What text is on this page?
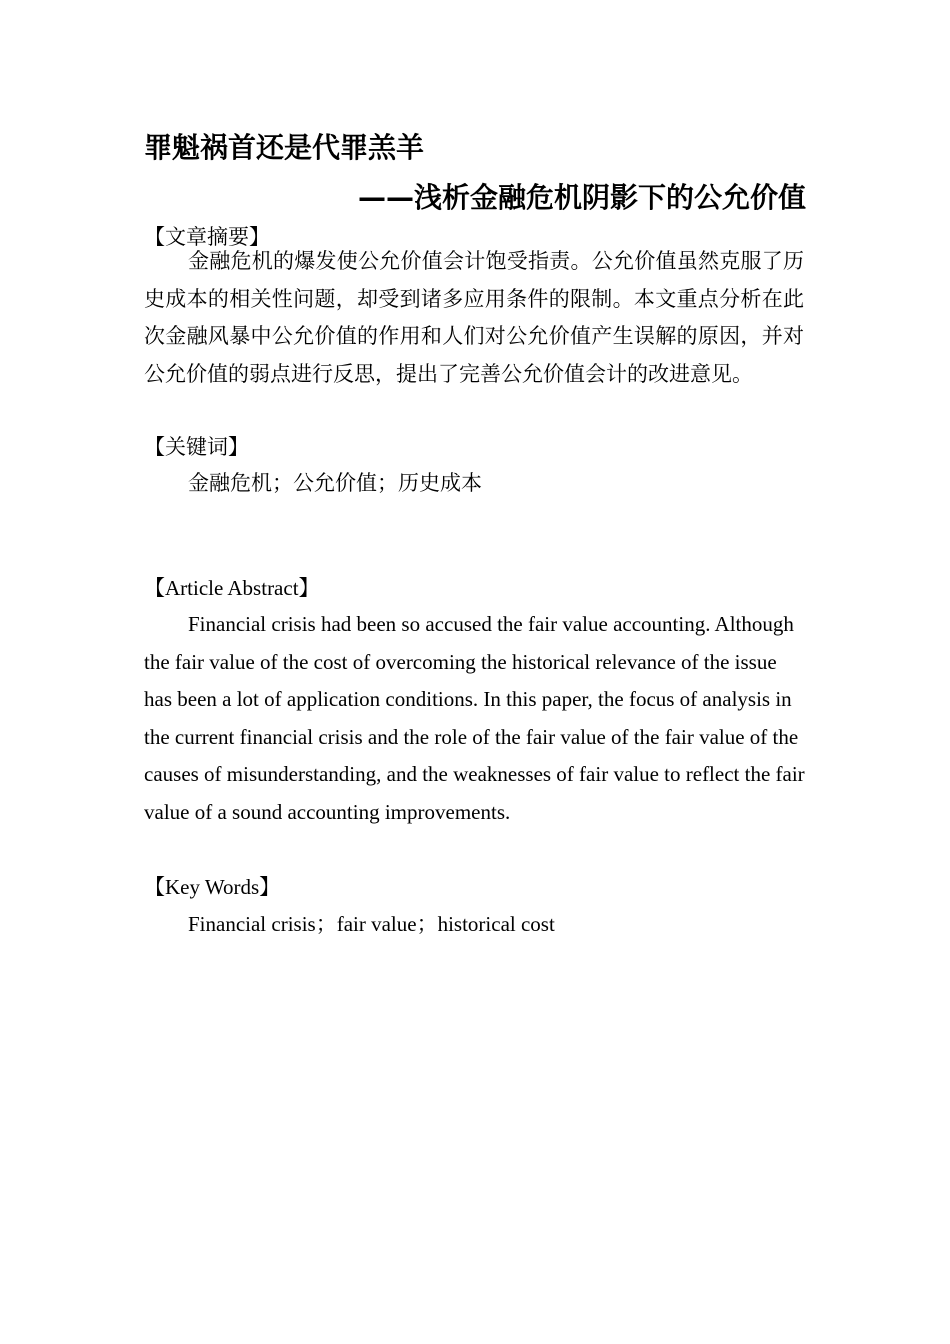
罪魁祸首还是代罪羔羊
——浅析金融危机阴影下的公允价值
【文章摘要】

金融危机的爆发使公允价值会计饱受指责。公允价值虽然克服了历史成本的相关性问题，却受到诸多应用条件的限制。本文重点分析在此次金融风暴中公允价值的作用和人们对公允价值产生误解的原因，并对公允价值的弱点进行反思，提出了完善公允价值会计的改进意见。

【关键词】
金融危机；公允价值；历史成本
【Article Abstract】

Financial crisis had been so accused the fair value accounting. Although the fair value of the cost of overcoming the historical relevance of the issue has been a lot of application conditions. In this paper, the focus of analysis in the current financial crisis and the role of the fair value of the fair value of the causes of misunderstanding, and the weaknesses of fair value to reflect the fair value of a sound accounting improvements.

【Key Words】
Financial crisis；fair value；historical cost
